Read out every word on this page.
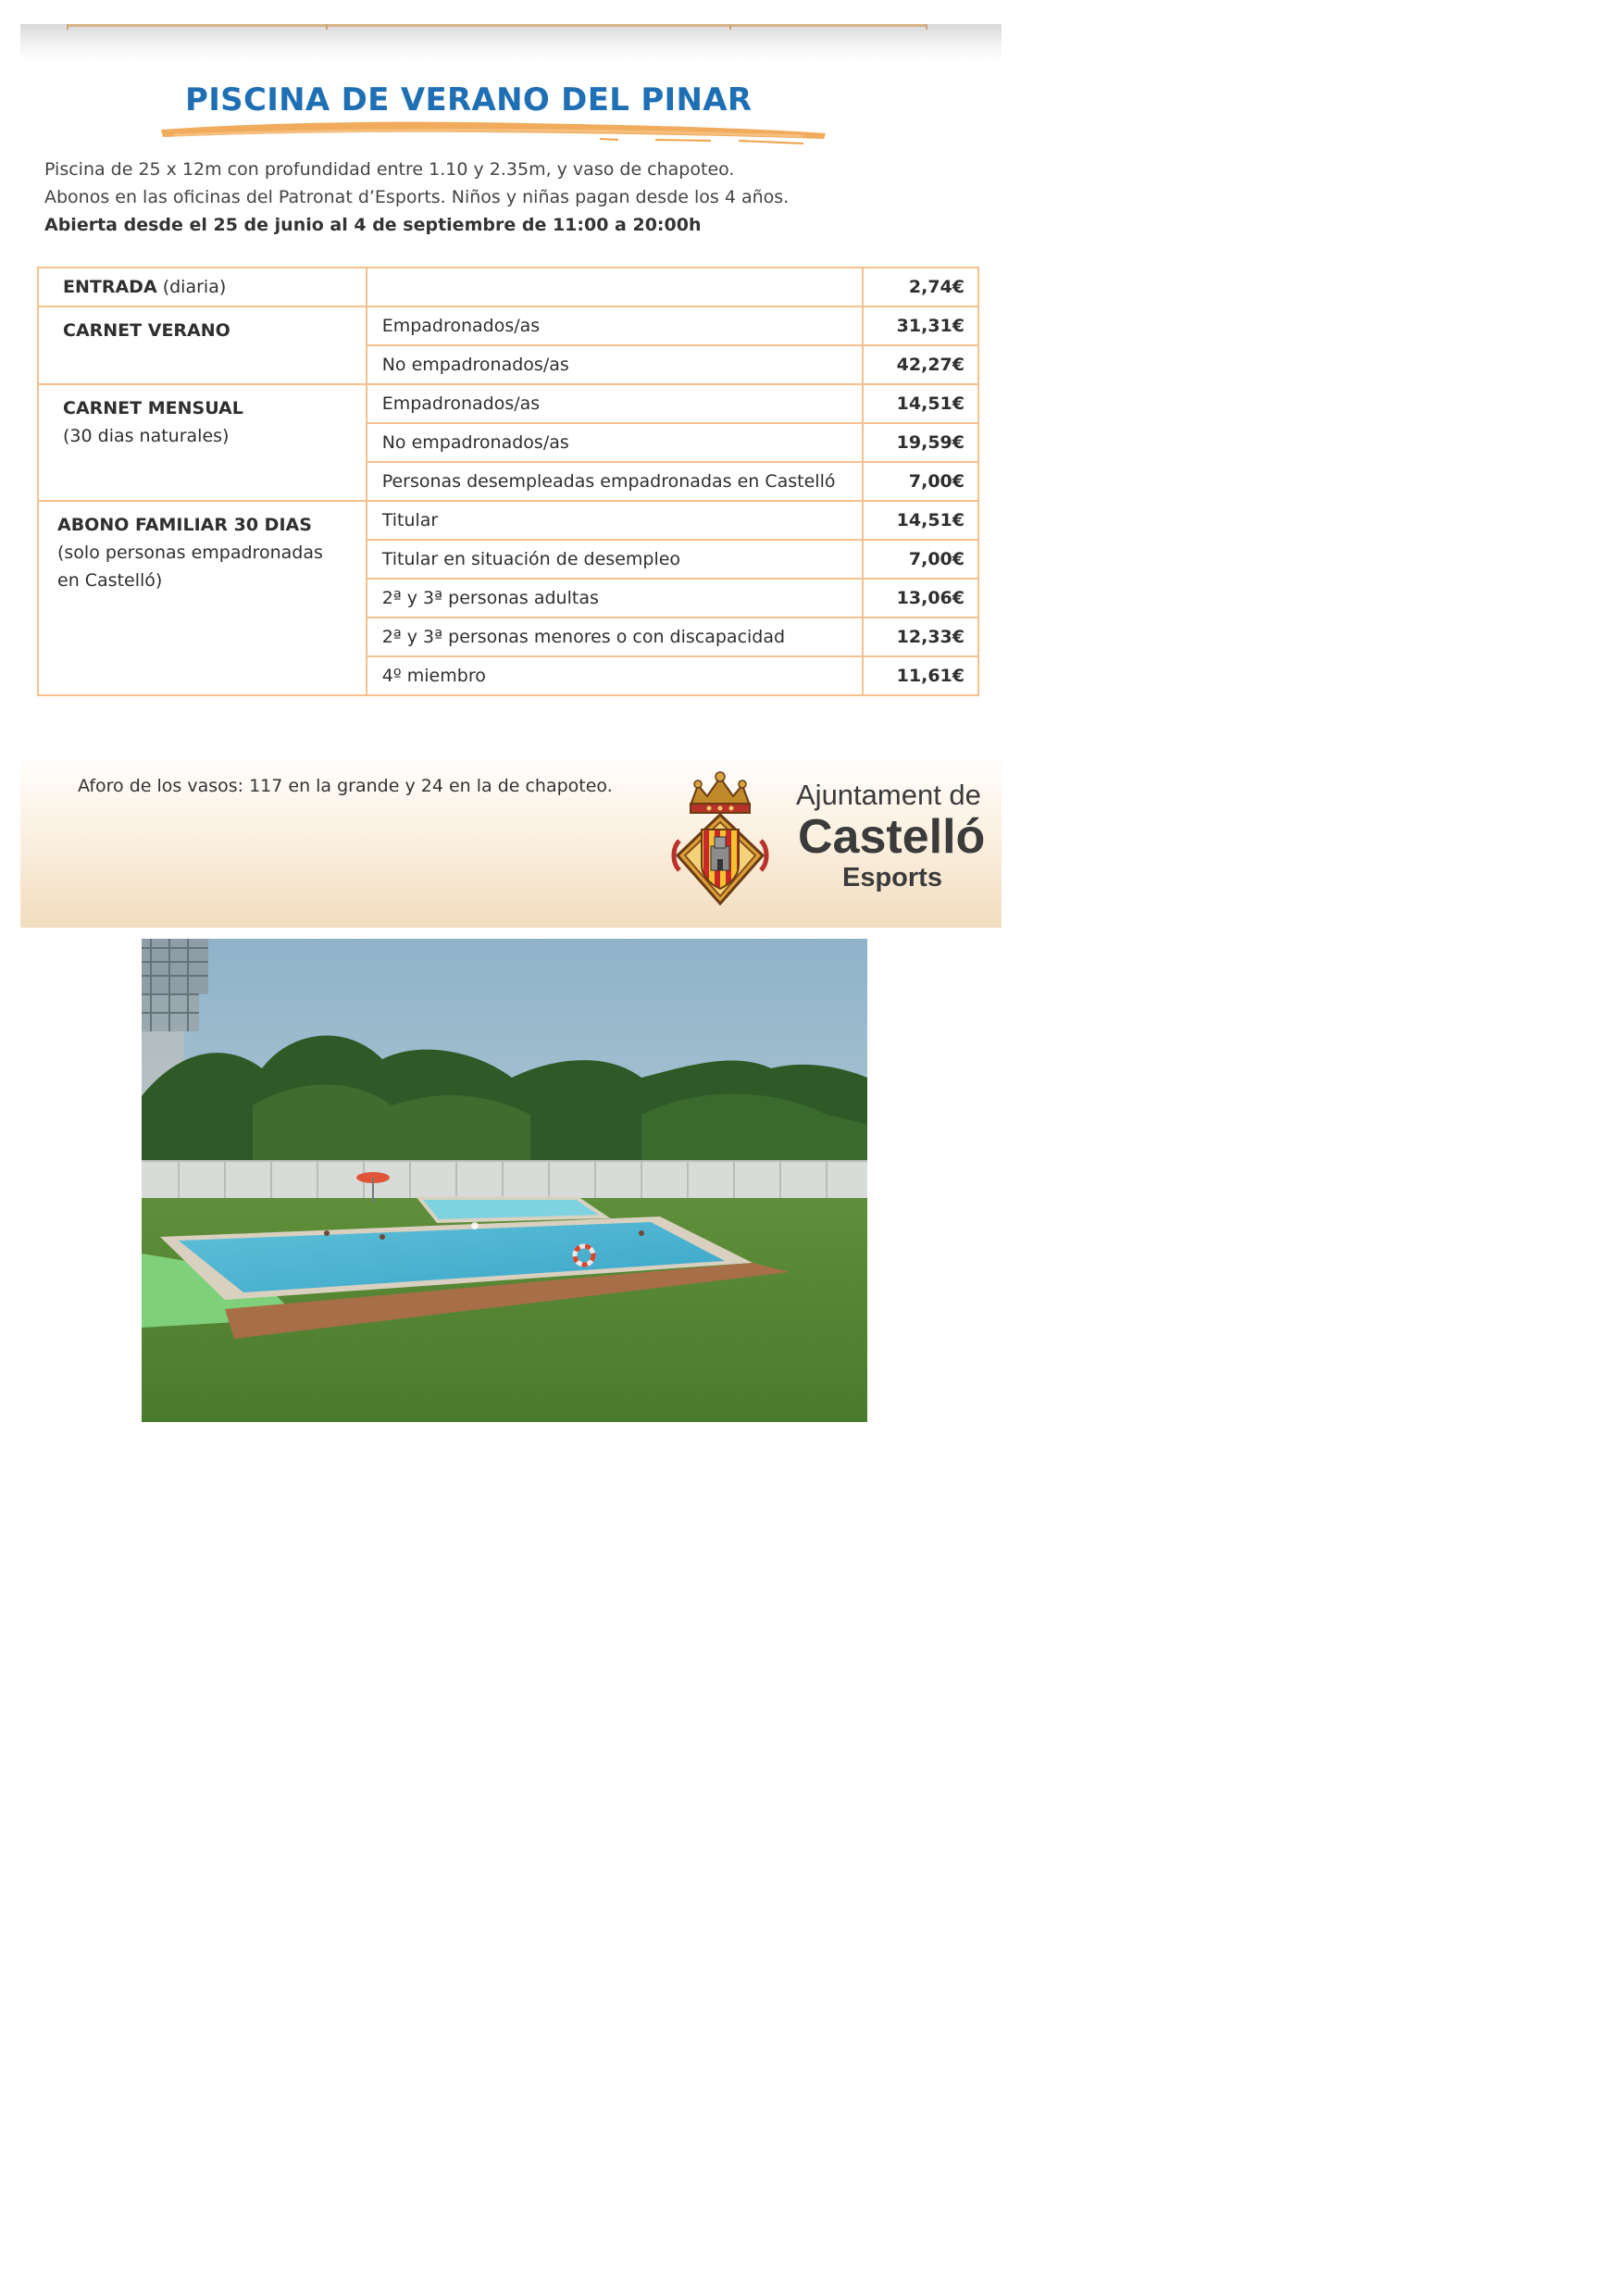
PISCINA DE VERANO DEL PINAR
Piscina de 25 x 12m con profundidad entre 1.10 y 2.35m, y vaso de chapoteo.
Abonos en las oficinas del Patronat d’Esports. Niños y niñas pagan desde los 4 años.
Abierta desde el 25 de junio al 4 de septiembre de 11:00 a 20:00h
ENTRADA (diaria)		2,74€

CARNET VERANO	Empadronados/as	31,31€
	No empadronados/as	42,27€

CARNET MENSUAL
(30 dias naturales)	Empadronados/as	14,51€
	No empadronados/as	19,59€
	Personas desempleadas empadronadas en Castelló	7,00€

ABONO FAMILIAR 30 DIAS
(solo personas empadronadas
en Castelló)	Titular	14,51€
	Titular en situación de desempleo	7,00€
	2ª y 3ª personas adultas	13,06€
	2ª y 3ª personas menores o con discapacidad	12,33€
	4º miembro	11,61€
Aforo de los vasos: 117 en la grande y 24 en la de chapoteo.	Ajuntament de
Castelló
Esports
